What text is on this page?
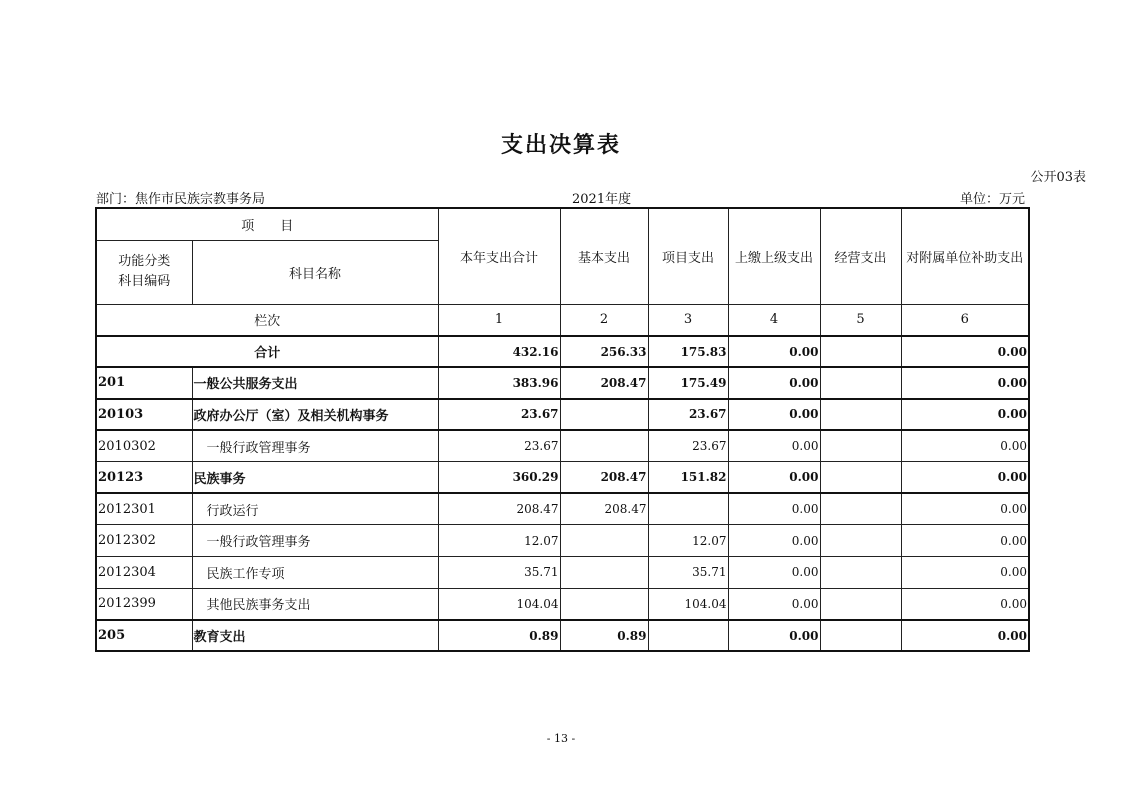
支出决算表
公开03表
部门：焦作市民族宗教事务局	2021年度	单位：万元
项　　目		本年支出合计	基本支出	项目支出	上缴上级支出	经营支出	对附属单位补助支出

功能分类
科目编码	科目名称						
栏次		1	2	3	4	5	6
合计		432.16	256.33	175.83	0.00		0.00
201	一般公共服务支出	383.96	208.47	175.49	0.00		0.00
20103	政府办公厅（室）及相关机构事务	23.67		23.67	0.00		0.00
2010302	一般行政管理事务	23.67		23.67	0.00		0.00
20123	民族事务	360.29	208.47	151.82	0.00		0.00
2012301	行政运行	208.47	208.47		0.00		0.00
2012302	一般行政管理事务	12.07		12.07	0.00		0.00
2012304	民族工作专项	35.71		35.71	0.00		0.00
2012399	其他民族事务支出	104.04		104.04	0.00		0.00
205	教育支出	0.89	0.89		0.00		0.00
- 13 -
